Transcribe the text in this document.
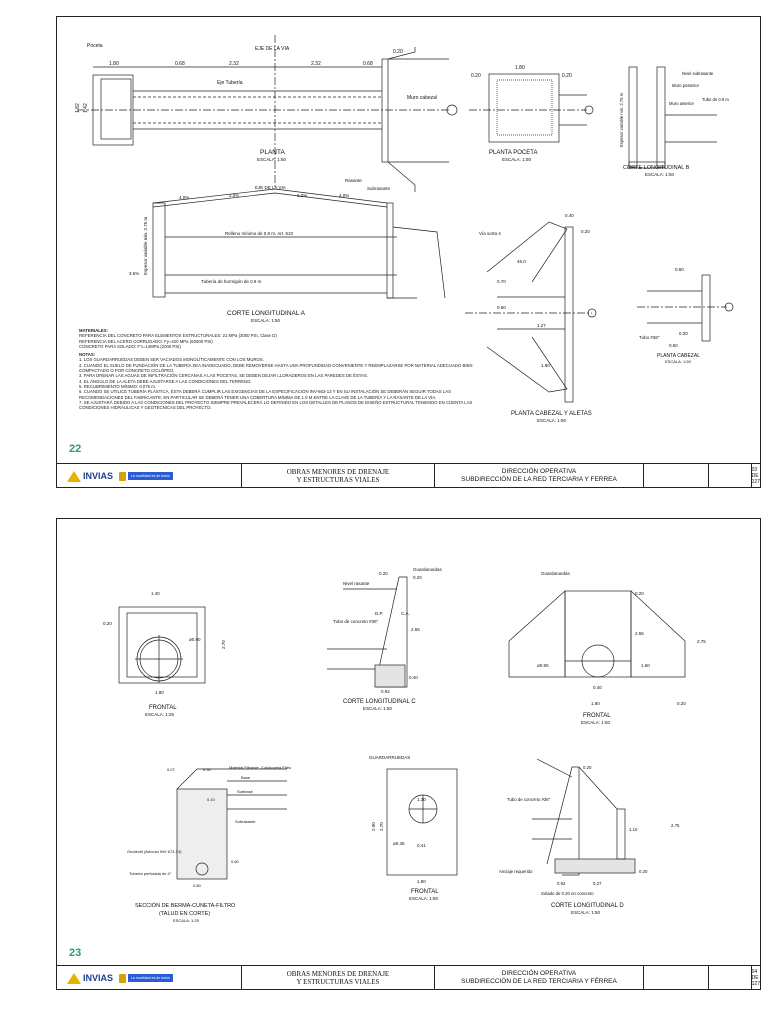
Poceta	EJE DE LA VIA
Eje Tubería
Muro cabezal
1.80	0.68	2.32	2.32	0.68
0.20
1.82 1.42
PLANTA
ESCALA: 1:50
1.80
0.20
0.20
PLANTA POCETA
ESCALA: 1:50
Nivel subrasante
Muro posterior
Muro anterior
Tubo de 0.9 m
Espesor variable min. 2.75 m
CORTE LONGITUDINAL B
ESCALA: 1:50
EJE DE LA VIA
Rasante
Subrasante
4.0%	2.0%	2.0%	4.0%
Relleno mínimo de 0.8 m. Art. 610
Espesor variable min. 2.75 m
3.6%
Tubería de hormigón de 0.9 m
CORTE LONGITUDINAL A
ESCALA: 1:50
Vía sorta 4
0.40
0.20
45.0
0.70
0.60
1.27
1.80
PLANTA CABEZAL Y ALETAS
ESCALA: 1:50
0.60
0.20
0.60
Tubo #36"
PLANTA CABEZAL
ESCALA: 1:50
MATERIALES:
REFERENCIA DEL CONCRETO PARA ELEMENTOS ESTRUCTURALES: 21 MPa (3000 PSI, Clase D)
REFERENCIA DEL ACERO CORRUGADO: Fy=420 MPa (60000 PSI)
CONCRETO PARA SOLADO: F'c=14MPa (2000 PSI)
NOTAS:
1. LOS GUARDARRUEDAS DEBEN SER VACIADOS MONOLÍTICAMENTE CON LOS MUROS.
2. CUANDO EL SUELO DE FUNDACIÓN DE LA TUBERÍA SEA INADECUADO, DEBE REMOVERSE HASTA UNA PROFUNDIDAD CONVENIENTE Y REEMPLAZARSE POR MATERIAL ADECUADO BIEN COMPACTADO O POR CONCRETO CICLÓPEO.
3. PARA DRENAR LAS AGUAS DE INFILTRACIÓN CERCANAS A LAS POCETAS, SE DEBEN DEJAR LLORADEROS EN LAS PAREDES DE ÉSTAS.
4. EL ÁNGULO DE LA ALETA DEBE AJUSTARSE A LAS CONDICIONES DEL TERRENO.
5. RECUBRIMIENTO MÍNIMO: 0.075 m.
6. CUANDO SE UTILICE TUBERÍA PLÁSTICA, ÉSTA DEBERÁ CUMPLIR LAS EXIGENCIAS DE LA ESPECIFICACIÓN INV-663-13 Y EN SU INSTALACIÓN SE DEBERÁN SEGUIR TODAS LAS RECOMENDACIONES DEL FABRICANTE; EN PARTICULAR SE DEBERÁ TENER UNA COBERTURA MÍNIMA DE 1.0 M ENTRE LA CLAVE DE LA TUBERÍA Y LA RASANTE DE LA VÍA.
7. SE AJUSTARÁ DEBIDO A LAS CONDICIONES DEL PROYECTO SIEMPRE PREVALECERÁ LO DEFINIDO EN LOS DETALLES DE PLANOS DE DISEÑO ESTRUCTURAL TENIENDO EN CUENTA LAS CONDICIONES HIDRÁULICAS Y GEOTÉCNICAS DEL PROYECTO.
22
INVIAS	La movilidad es de todos	OBRAS MENORES DE DRENAJE
Y ESTRUCTURAS VIALES
DIRECCIÓN OPERATIVA
SUBDIRECCIÓN DE LA RED TERCIARIA Y FERREA
03 DE 127
1.40
0.20
ø0.90
2.70
1.80
FRONTAL
ESCALA: 1:25
Guardaruedas
0.20
0.20
Nivel rasante
Tubo de concreto #36"
D.P.	C.A.
2.55
0.40
0.92
CORTE LONGITUDINAL C
ESCALA: 1:50
Guardaruedas
0.20
2.55
2.75
1.60
ø0.90
0.40
1.80	0.20
FRONTAL
ESCALA: 1:50
Material Filtrante Colchoneta Filtro
Base
Subbase
Subrasante
0.07	0.30
0.10
0.60
0.80
Geotextil (Artículo INV 673-13)
Tubería perforada de 4"
SECCIÓN DE BERMA-CUNETA-FILTRO
(TALUD EN CORTE)
ESCALA: 1:25
GUARDARRUEDAS
1.30
2.90 2.70
ø0.45	0.41
1.80
FRONTAL
ESCALA: 1:50
0.20
Tubo de concreto #36"
1.10
2.75
Anclaje requerido
0.92	0.27
0.20
Solado de 0.20 en concreto
CORTE LONGITUDINAL D
ESCALA: 1:50
23
INVIAS	La movilidad es de todos	OBRAS MENORES DE DRENAJE
Y ESTRUCTURAS VIALES
DIRECCIÓN OPERATIVA
SUBDIRECCIÓN DE LA RED TERCIARIA Y FÉRREA
04 DE 127
